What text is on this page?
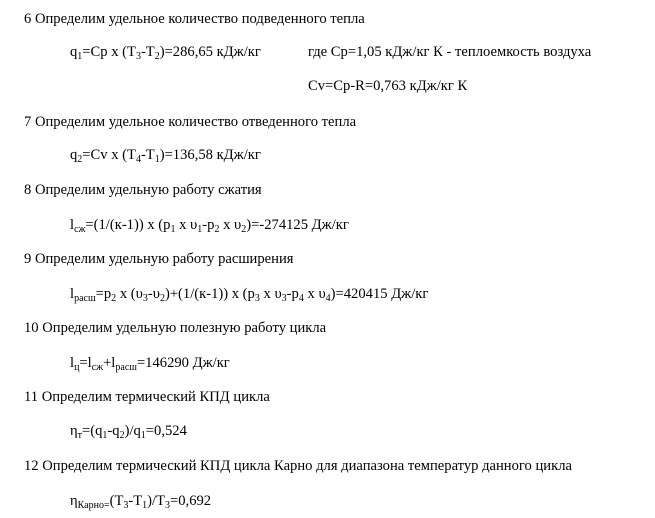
6 Определим удельное количество подведенного тепла
$q_1=Cp$ x $(T_3-T_2)=286,65$ кДж/кг	где Cp=1,05 кДж/кг К - теплоемкость воздуха
Cv=Cp-R=0,763 кДж/кг К
7 Определим удельное количество отведенного тепла
$q_2=Cv$ x $(T_4-T_1)=136,58$ кДж/кг
8 Определим удельную работу сжатия
$l_{сж}=(1/(к-1))$ x ($p_1$ x $\upsilon_1-p_2$ x $\upsilon_2)=-274125$ Дж/кг
9 Определим удельную работу расширения
$l_{расш}=p_2$ x $(\upsilon_3-\upsilon_2)+(1/(к-1))$ x ($p_3$ x $\upsilon_3-p_4$ x $\upsilon_4)=420415$ Дж/кг
10 Определим удельную полезную работу цикла
$l_ц=l_{сж}+l_{расш}=146290$ Дж/кг
11 Определим термический КПД цикла
$\eta_т=(q_1-q_2)/q_1=0,524$
12 Определим термический КПД цикла Карно для диапазона температур данного цикла
$\eta_{Карно=}(T_3-T_1)/T_3=0,692$
